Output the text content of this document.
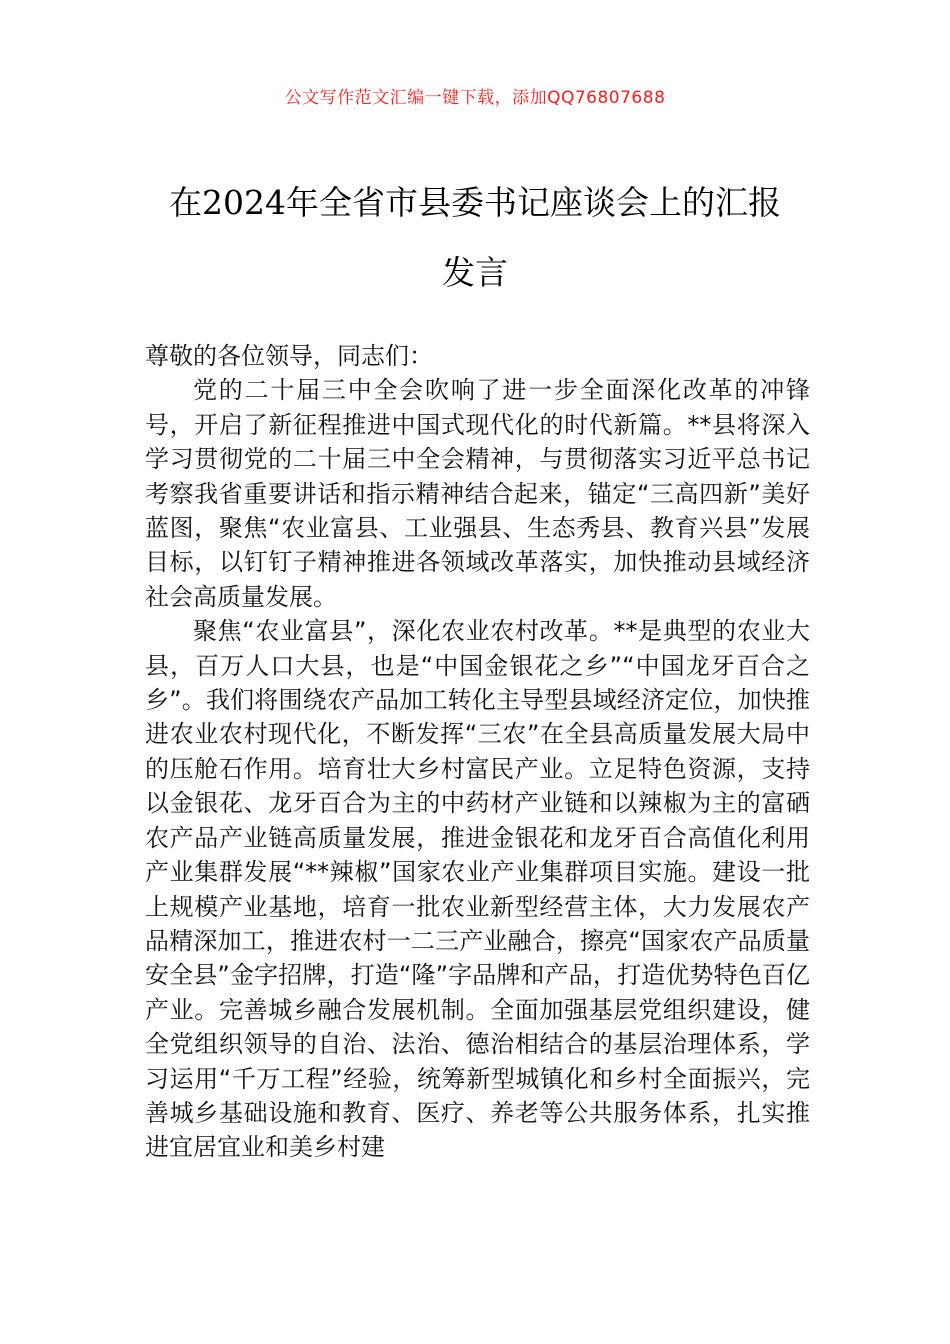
公文写作范文汇编一键下载，添加QQ76807688
在2024年全省市县委书记座谈会上的汇报
发言

尊敬的各位领导，同志们：

党的二十届三中全会吹响了进一步全面深化改革的冲锋号，开启了新征程推进中国式现代化的时代新篇。**县将深入学习贯彻党的二十届三中全会精神，与贯彻落实习近平总书记考察我省重要讲话和指示精神结合起来，锚定“三高四新”美好蓝图，聚焦“农业富县、工业强县、生态秀县、教育兴县”发展目标，以钉钉子精神推进各领域改革落实，加快推动县域经济社会高质量发展。

聚焦“农业富县”，深化农业农村改革。**是典型的农业大县，百万人口大县，也是“中国金银花之乡”“中国龙牙百合之乡”。我们将围绕农产品加工转化主导型县域经济定位，加快推进农业农村现代化，不断发挥“三农”在全县高质量发展大局中的压舱石作用。培育壮大乡村富民产业。立足特色资源，支持以金银花、龙牙百合为主的中药材产业链和以辣椒为主的富硒农产品产业链高质量发展，推进金银花和龙牙百合高值化利用产业集群发展“**辣椒”国家农业产业集群项目实施。建设一批上规模产业基地，培育一批农业新型经营主体，大力发展农产品精深加工，推进农村一二三产业融合，擦亮“国家农产品质量安全县”金字招牌，打造“隆”字品牌和产品，打造优势特色百亿产业。完善城乡融合发展机制。全面加强基层党组织建设，健全党组织领导的自治、法治、德治相结合的基层治理体系，学习运用“千万工程”经验，统筹新型城镇化和乡村全面振兴，完善城乡基础设施和教育、医疗、养老等公共服务体系，扎实推进宜居宜业和美乡村建
